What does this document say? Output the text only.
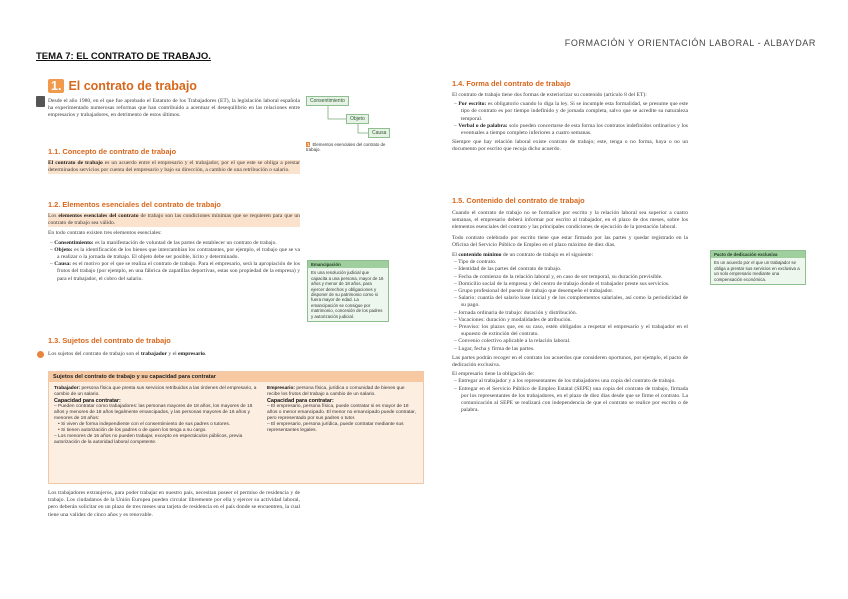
FORMACIÓN Y ORIENTACIÓN LABORAL - ALBAYDAR
TEMA 7: EL CONTRATO DE TRABAJO.
1. El contrato de trabajo

Desde el año 1980, en el que fue aprobado el Estatuto de los Trabajadores (ET), la legislación laboral española ha experimentado numerosas reformas que han contribuido a acentuar el desequilibrio en las relaciones entre empresarios y trabajadores, en detrimento de estos últimos.

1.1. Concepto de contrato de trabajo

El contrato de trabajo es un acuerdo entre el empresario y el trabajador, por el que este se obliga a prestar determinados servicios por cuenta del empresario y bajo su dirección, a cambio de una retribución o salario.

1.2. Elementos esenciales del contrato de trabajo

Los elementos esenciales del contrato de trabajo son las condiciones mínimas que se requieren para que un contrato de trabajo sea válido.

En todo contrato existen tres elementos esenciales:

– Consentimiento: es la manifestación de voluntad de las partes de establecer un contrato de trabajo.
– Objeto: es la identificación de los bienes que intercambian los contratantes, por ejemplo, el trabajo que se va a realizar o la jornada de trabajo. El objeto debe ser posible, lícito y determinado.
– Causa: es el motivo por el que se realiza el contrato de trabajo. Para el empresario, será la apropiación de los frutos del trabajo (por ejemplo, en una fábrica de zapatillas deportivas, estas son propiedad de la empresa) y para el trabajador, el cobro del salario.
1.3. Sujetos del contrato de trabajo

Los sujetos del contrato de trabajo son el trabajador y el empresario.

Sujetos del contrato de trabajo y su capacidad para contratar
Trabajador: persona física que presta sus servicios retribuidos a las órdenes del empresario, a cambio de un salario.
Capacidad para contratar:
– Pueden contratar como trabajadores: las personas mayores de 18 años, los mayores de 16 años y menores de 18 años legalmente emancipados, y las personas mayores de 16 años y menores de 18 años:
• Si viven de forma independiente con el consentimiento de sus padres o tutores.
• Si tienen autorización de los padres o de quien los tenga a su cargo.
– Los menores de 16 años no pueden trabajar, excepto en espectáculos públicos, previa autorización de la autoridad laboral competente.
Empresario: persona física, jurídica o comunidad de bienes que recibe los frutos del trabajo a cambio de un salario.
Capacidad para contratar:
– El empresario, persona física, puede contratar si es mayor de 18 años o menor emancipado. El menor no emancipado puede contratar, pero representado por sus padres o tutor.
– El empresario, persona jurídica, puede contratar mediante sus representantes legales.

Los trabajadores extranjeros, para poder trabajar en nuestro país, necesitan poseer el permiso de residencia y de trabajo. Los ciudadanos de la Unión Europea pueden circular libremente por ella y ejercer su actividad laboral, pero deberán solicitar en un plazo de tres meses una tarjeta de residencia en el país donde se encuentren, la cual tiene una validez de cinco años y es renovable.

Consentimiento
Objeto
Causa
1 Elementos esenciales del contrato de trabajo.
Emancipación
Es una resolución judicial que capacita a una persona, mayor de 16 años y menor de 18 años, para ejercer derechos y obligaciones y disponer de su patrimonio como si fuera mayor de edad. La emancipación se consigue por matrimonio, concesión de los padres y autorización judicial.
1.4. Forma del contrato de trabajo

El contrato de trabajo tiene dos formas de exteriorizar su contenido (artículo 8 del ET):

– Por escrito: es obligatorio cuando lo diga la ley. Si se incumple esta formalidad, se presume que este tipo de contrato es por tiempo indefinido y de jornada completa, salvo que se acredite su naturaleza temporal.
– Verbal o de palabra: solo pueden concertarse de esta forma los contratos indefinidos ordinarios y los eventuales a tiempo completo inferiores a cuatro semanas.

Siempre que hay relación laboral existe contrato de trabajo; este, tenga o no forma, haya o no un documento por escrito que recoja dicho acuerdo.

1.5. Contenido del contrato de trabajo

Cuando el contrato de trabajo no se formalice por escrito y la relación laboral sea superior a cuatro semanas, el empresario deberá informar por escrito al trabajador, en el plazo de dos meses, sobre los elementos esenciales del contrato y las principales condiciones de ejecución de la prestación laboral.

Todo contrato celebrado por escrito tiene que estar firmado por las partes y quedar registrado en la Oficina del Servicio Público de Empleo en el plazo máximo de diez días.

El contenido mínimo de un contrato de trabajo es el siguiente:

– Tipo de contrato.
– Identidad de las partes del contrato de trabajo.
– Fecha de comienzo de la relación laboral y, en caso de ser temporal, su duración previsible.
– Domicilio social de la empresa y del centro de trabajo donde el trabajador preste sus servicios.
– Grupo profesional del puesto de trabajo que desempeñe el trabajador.
– Salario: cuantía del salario base inicial y de los complementos salariales, así como la periodicidad de su pago.
– Jornada ordinaria de trabajo: duración y distribución.
– Vacaciones: duración y modalidades de atribución.
– Preaviso: los plazos que, en su caso, estén obligados a respetar el empresario y el trabajador en el supuesto de extinción del contrato.
– Convenio colectivo aplicable a la relación laboral.
– Lugar, fecha y firma de las partes.

Las partes podrán recoger en el contrato los acuerdos que consideren oportunos, por ejemplo, el pacto de dedicación exclusiva.

El empresario tiene la obligación de:

– Entregar al trabajador y a los representantes de los trabajadores una copia del contrato de trabajo.
– Entregar en el Servicio Público de Empleo Estatal (SEPE) una copia del contrato de trabajo, firmada por los representantes de los trabajadores, en el plazo de diez días desde que se firme el contrato. La comunicación al SEPE se realizará con independencia de que el contrato se realice por escrito o de palabra.
Pacto de dedicación exclusiva
Es un acuerdo por el que un trabajador se obliga a prestar sus servicios en exclusiva a un solo empresario mediante una compensación económica.
